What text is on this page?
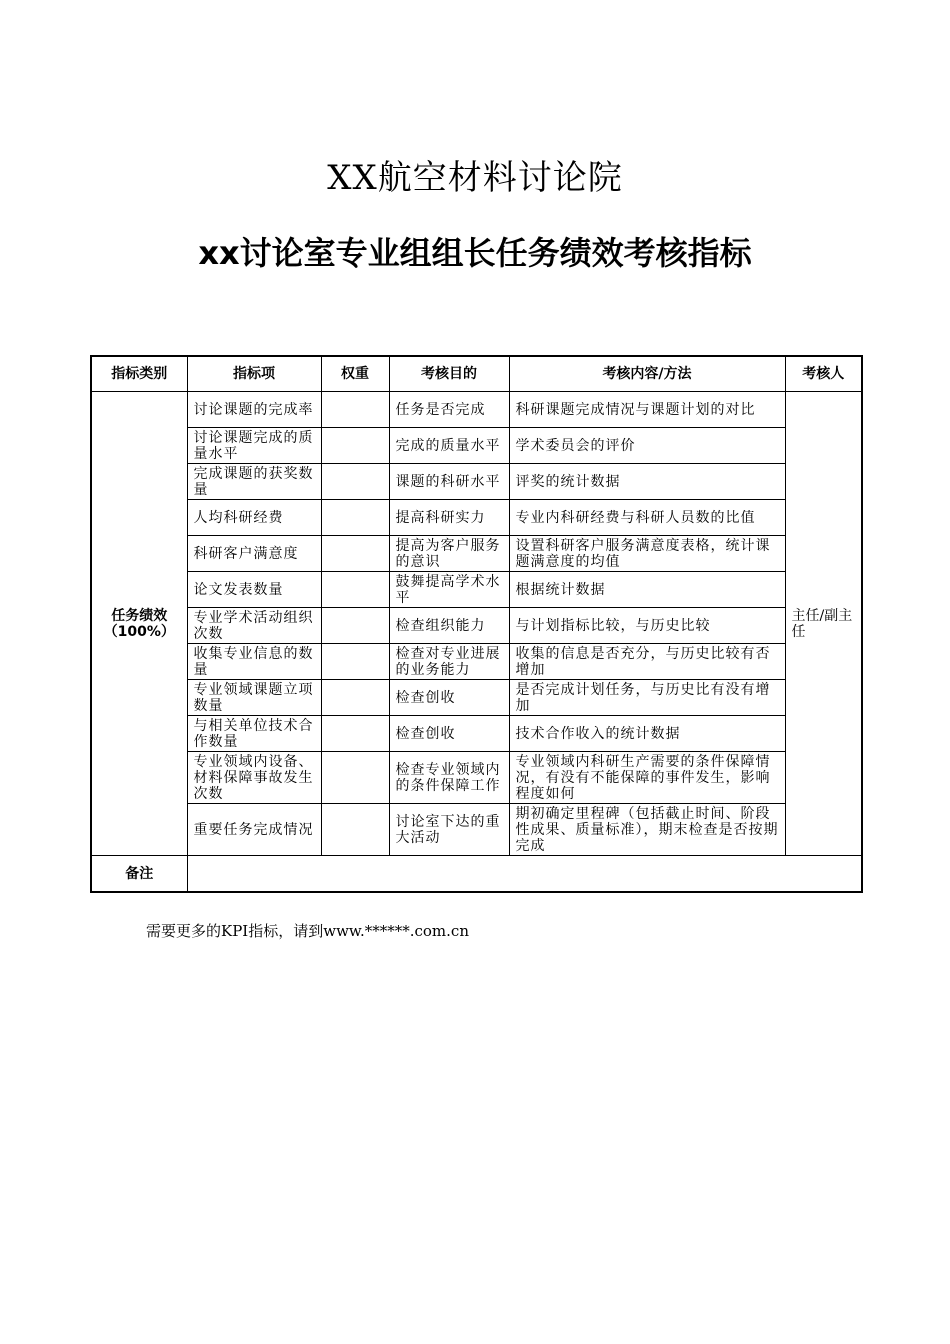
XX航空材料讨论院
xx讨论室专业组组长任务绩效考核指标
指标类别	指标项	权重	考核目的	考核内容/方法	考核人

任务绩效
（100%）	讨论课题的完成率		任务是否完成	科研课题完成情况与课题计划的对比	主任/副主任
	讨论课题完成的质量水平		完成的质量水平	学术委员会的评价	
	完成课题的获奖数量		课题的科研水平	评奖的统计数据	
	人均科研经费		提高科研实力	专业内科研经费与科研人员数的比值	
	科研客户满意度		提高为客户服务的意识	设置科研客户服务满意度表格，统计课题满意度的均值	
	论文发表数量		鼓舞提高学术水平	根据统计数据	
	专业学术活动组织次数		检查组织能力	与计划指标比较，与历史比较	
	收集专业信息的数量		检查对专业进展的业务能力	收集的信息是否充分，与历史比较有否增加	
	专业领域课题立项数量		检查创收	是否完成计划任务，与历史比有没有增加	
	与相关单位技术合作数量		检查创收	技术合作收入的统计数据	
	专业领域内设备、材料保障事故发生次数		检查专业领域内的条件保障工作	专业领域内科研生产需要的条件保障情况，有没有不能保障的事件发生，影响程度如何	
	重要任务完成情况		讨论室下达的重大活动	期初确定里程碑（包括截止时间、阶段性成果、质量标准），期末检查是否按期完成	
备注					
需要更多的KPI指标，请到www.******.com.cn
